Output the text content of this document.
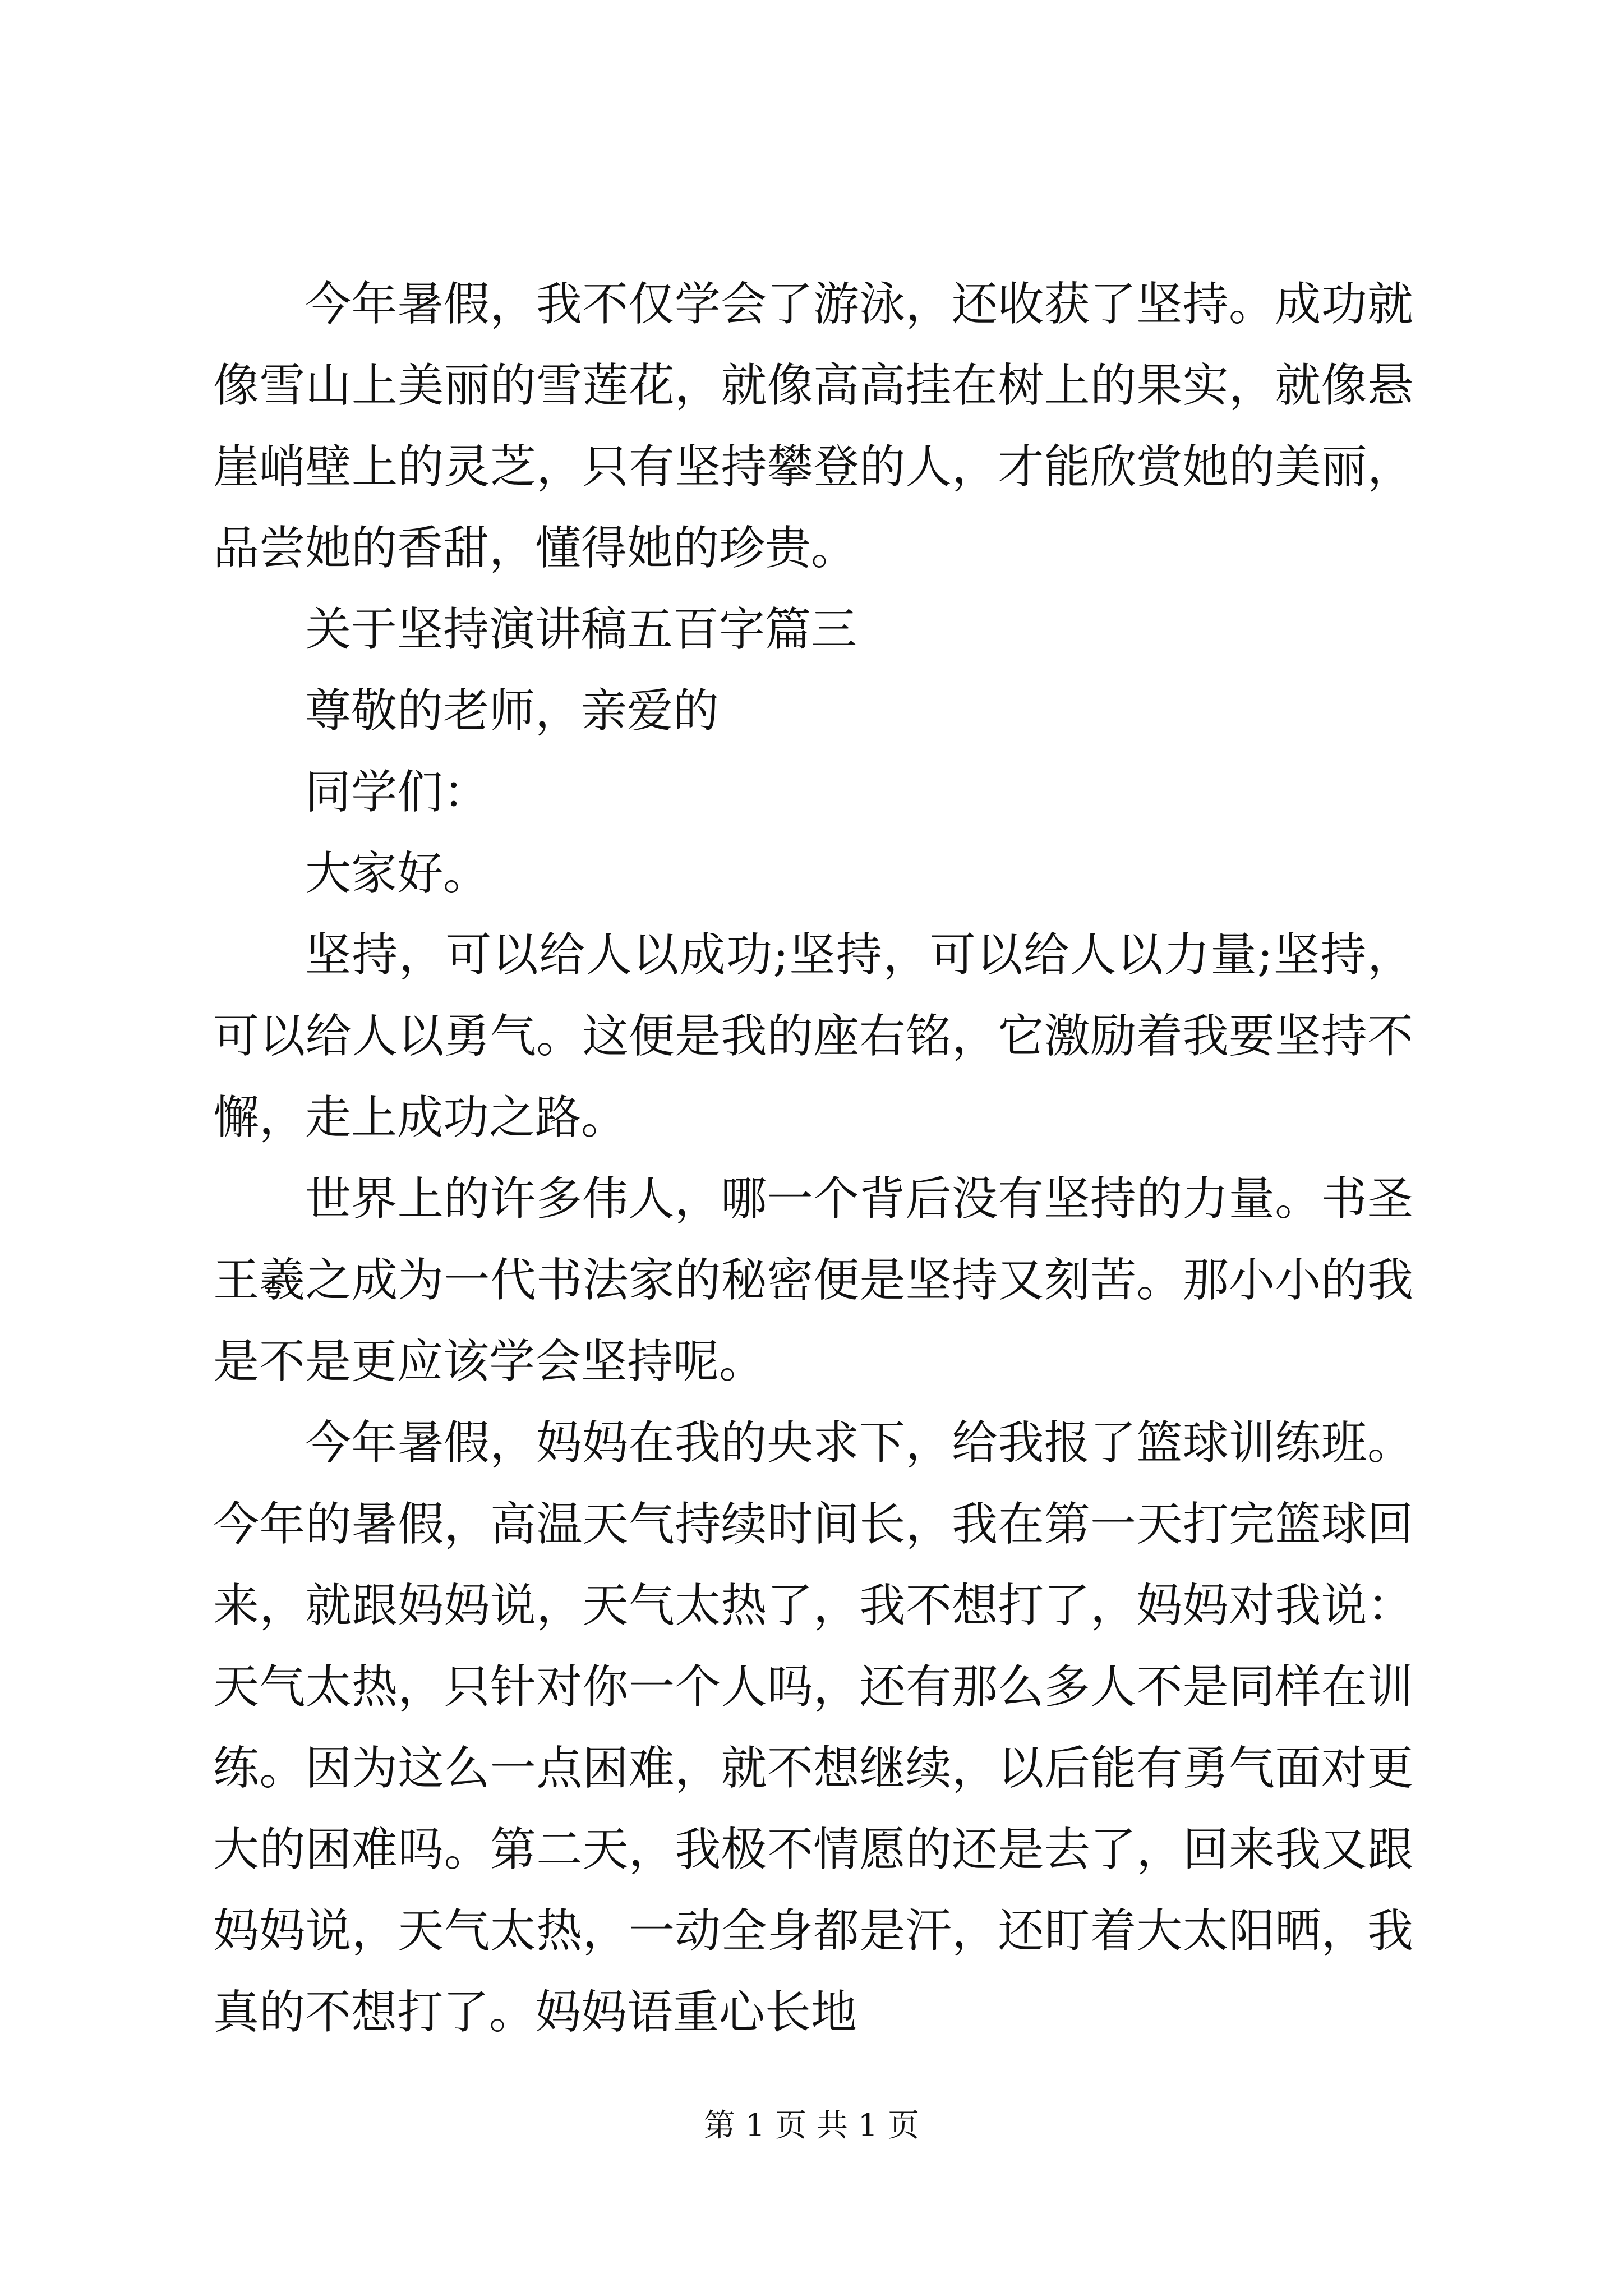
今年暑假，我不仅学会了游泳，还收获了坚持。成功就像雪山上美丽的雪莲花，就像高高挂在树上的果实，就像悬崖峭壁上的灵芝，只有坚持攀登的人，才能欣赏她的美丽，品尝她的香甜，懂得她的珍贵。

关于坚持演讲稿五百字篇三

尊敬的老师，亲爱的

同学们：

大家好。

坚持，可以给人以成功;坚持，可以给人以力量;坚持，可以给人以勇气。这便是我的座右铭，它激励着我要坚持不懈，走上成功之路。

世界上的许多伟人，哪一个背后没有坚持的力量。书圣王羲之成为一代书法家的秘密便是坚持又刻苦。那小小的我是不是更应该学会坚持呢。

今年暑假，妈妈在我的央求下，给我报了篮球训练班。今年的暑假，高温天气持续时间长，我在第一天打完篮球回来，就跟妈妈说，天气太热了，我不想打了，妈妈对我说：天气太热，只针对你一个人吗，还有那么多人不是同样在训练。因为这么一点困难，就不想继续，以后能有勇气面对更大的困难吗。第二天，我极不情愿的还是去了，回来我又跟妈妈说，天气太热，一动全身都是汗，还盯着大太阳晒，我真的不想打了。妈妈语重心长地

第 1 页 共 1 页
